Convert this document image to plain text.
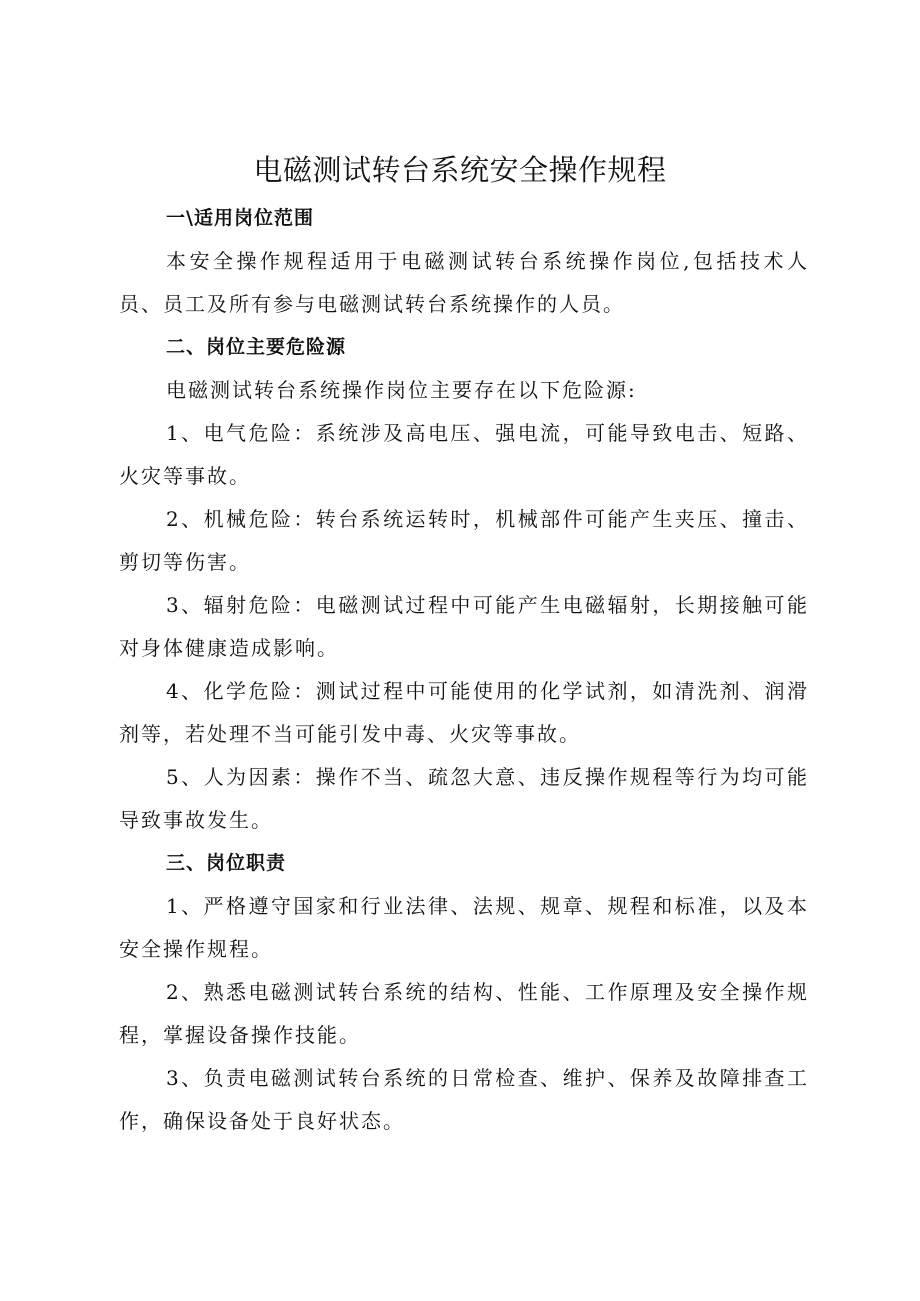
电磁测试转台系统安全操作规程
一\适用岗位范围

本安全操作规程适用于电磁测试转台系统操作岗位,包括技术人员、员工及所有参与电磁测试转台系统操作的人员。

二、岗位主要危险源

电磁测试转台系统操作岗位主要存在以下危险源:

1、电气危险：系统涉及高电压、强电流，可能导致电击、短路、火灾等事故。

2、机械危险：转台系统运转时，机械部件可能产生夹压、撞击、剪切等伤害。

3、辐射危险：电磁测试过程中可能产生电磁辐射，长期接触可能对身体健康造成影响。

4、化学危险：测试过程中可能使用的化学试剂，如清洗剂、润滑剂等，若处理不当可能引发中毒、火灾等事故。

5、人为因素：操作不当、疏忽大意、违反操作规程等行为均可能导致事故发生。

三、岗位职责

1、严格遵守国家和行业法律、法规、规章、规程和标准，以及本安全操作规程。

2、熟悉电磁测试转台系统的结构、性能、工作原理及安全操作规程，掌握设备操作技能。

3、负责电磁测试转台系统的日常检查、维护、保养及故障排查工作，确保设备处于良好状态。
